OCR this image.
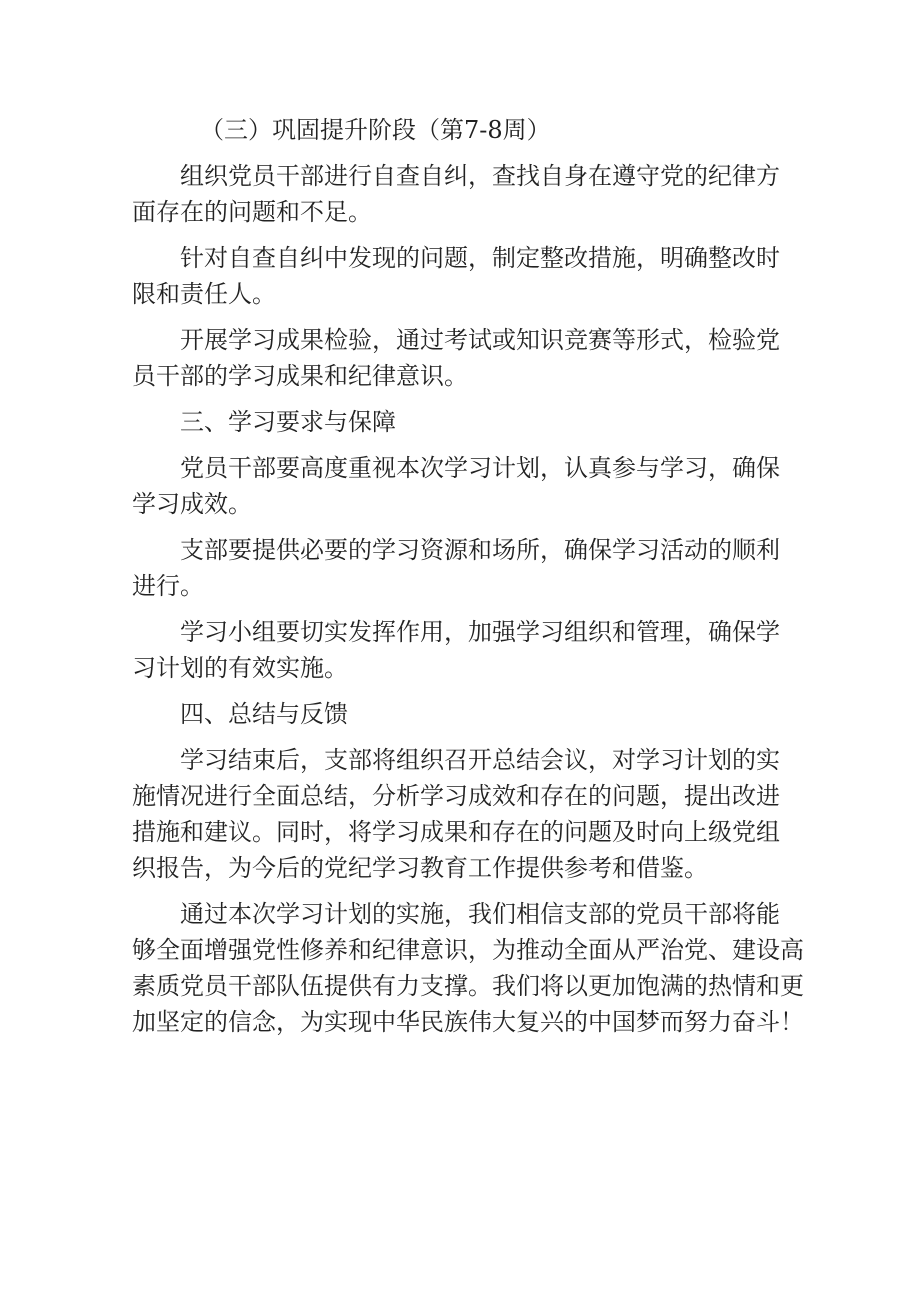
（三）巩固提升阶段（第7-8周）
组织党员干部进行自查自纠，查找自身在遵守党的纪律方
面存在的问题和不足。
针对自查自纠中发现的问题，制定整改措施，明确整改时
限和责任人。
开展学习成果检验，通过考试或知识竞赛等形式，检验党
员干部的学习成果和纪律意识。
三、学习要求与保障
党员干部要高度重视本次学习计划，认真参与学习，确保
学习成效。
支部要提供必要的学习资源和场所，确保学习活动的顺利
进行。
学习小组要切实发挥作用，加强学习组织和管理，确保学
习计划的有效实施。
四、总结与反馈
学习结束后，支部将组织召开总结会议，对学习计划的实
施情况进行全面总结，分析学习成效和存在的问题，提出改进
措施和建议。同时，将学习成果和存在的问题及时向上级党组
织报告，为今后的党纪学习教育工作提供参考和借鉴。
通过本次学习计划的实施，我们相信支部的党员干部将能
够全面增强党性修养和纪律意识，为推动全面从严治党、建设高
素质党员干部队伍提供有力支撑。我们将以更加饱满的热情和更
加坚定的信念，为实现中华民族伟大复兴的中国梦而努力奋斗！
